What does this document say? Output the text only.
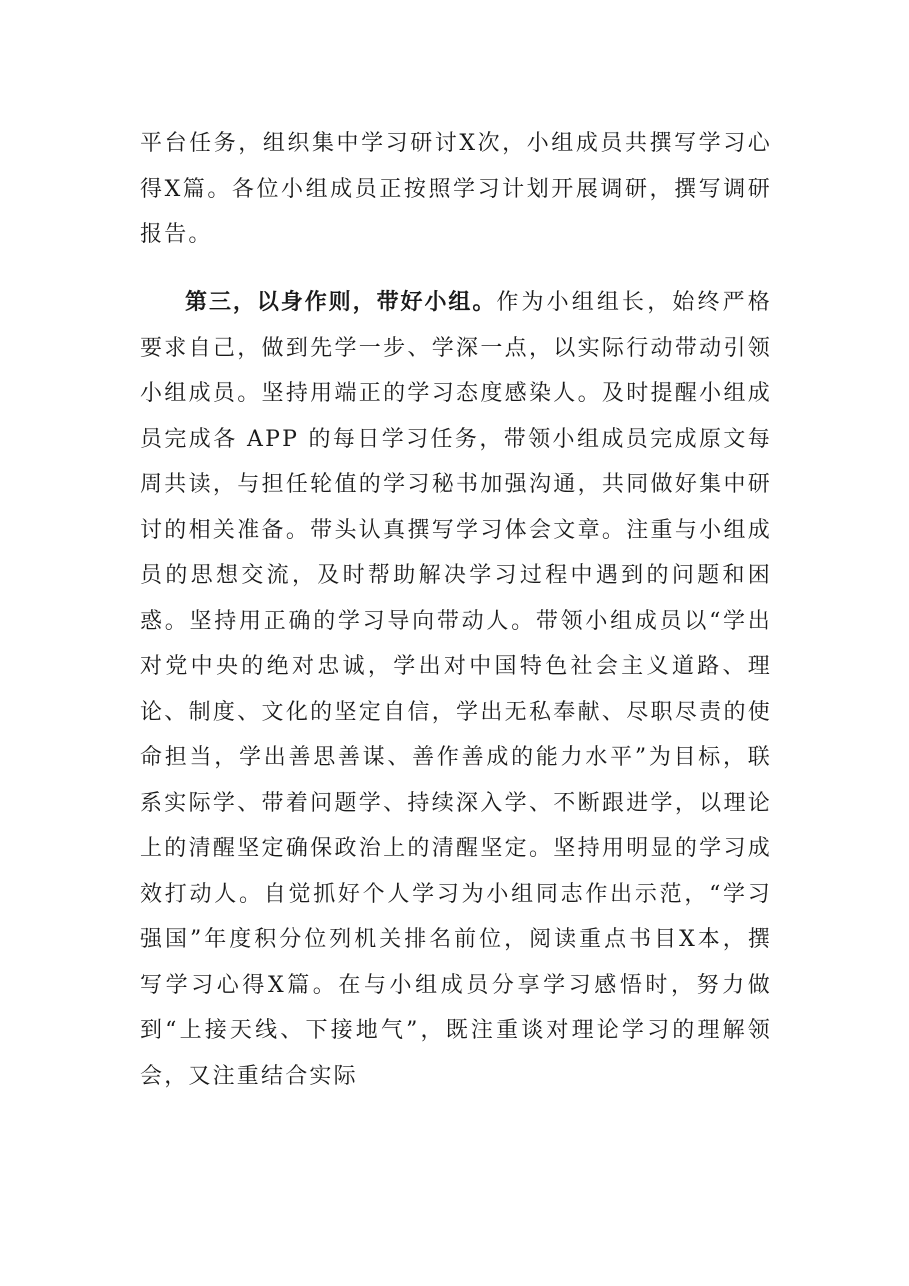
平台任务，组织集中学习研讨X次，小组成员共撰写学习心得X篇。各位小组成员正按照学习计划开展调研，撰写调研报告。

第三，以身作则，带好小组。作为小组组长，始终严格要求自己，做到先学一步、学深一点，以实际行动带动引领小组成员。坚持用端正的学习态度感染人。及时提醒小组成员完成各 APP 的每日学习任务，带领小组成员完成原文每周共读，与担任轮值的学习秘书加强沟通，共同做好集中研讨的相关准备。带头认真撰写学习体会文章。注重与小组成员的思想交流，及时帮助解决学习过程中遇到的问题和困惑。坚持用正确的学习导向带动人。带领小组成员以“学出对党中央的绝对忠诚，学出对中国特色社会主义道路、理论、制度、文化的坚定自信，学出无私奉献、尽职尽责的使命担当，学出善思善谋、善作善成的能力水平”为目标，联系实际学、带着问题学、持续深入学、不断跟进学，以理论上的清醒坚定确保政治上的清醒坚定。坚持用明显的学习成效打动人。自觉抓好个人学习为小组同志作出示范，“学习强国”年度积分位列机关排名前位，阅读重点书目X本，撰写学习心得X篇。在与小组成员分享学习感悟时，努力做到“上接天线、下接地气”，既注重谈对理论学习的理解领会，又注重结合实际
